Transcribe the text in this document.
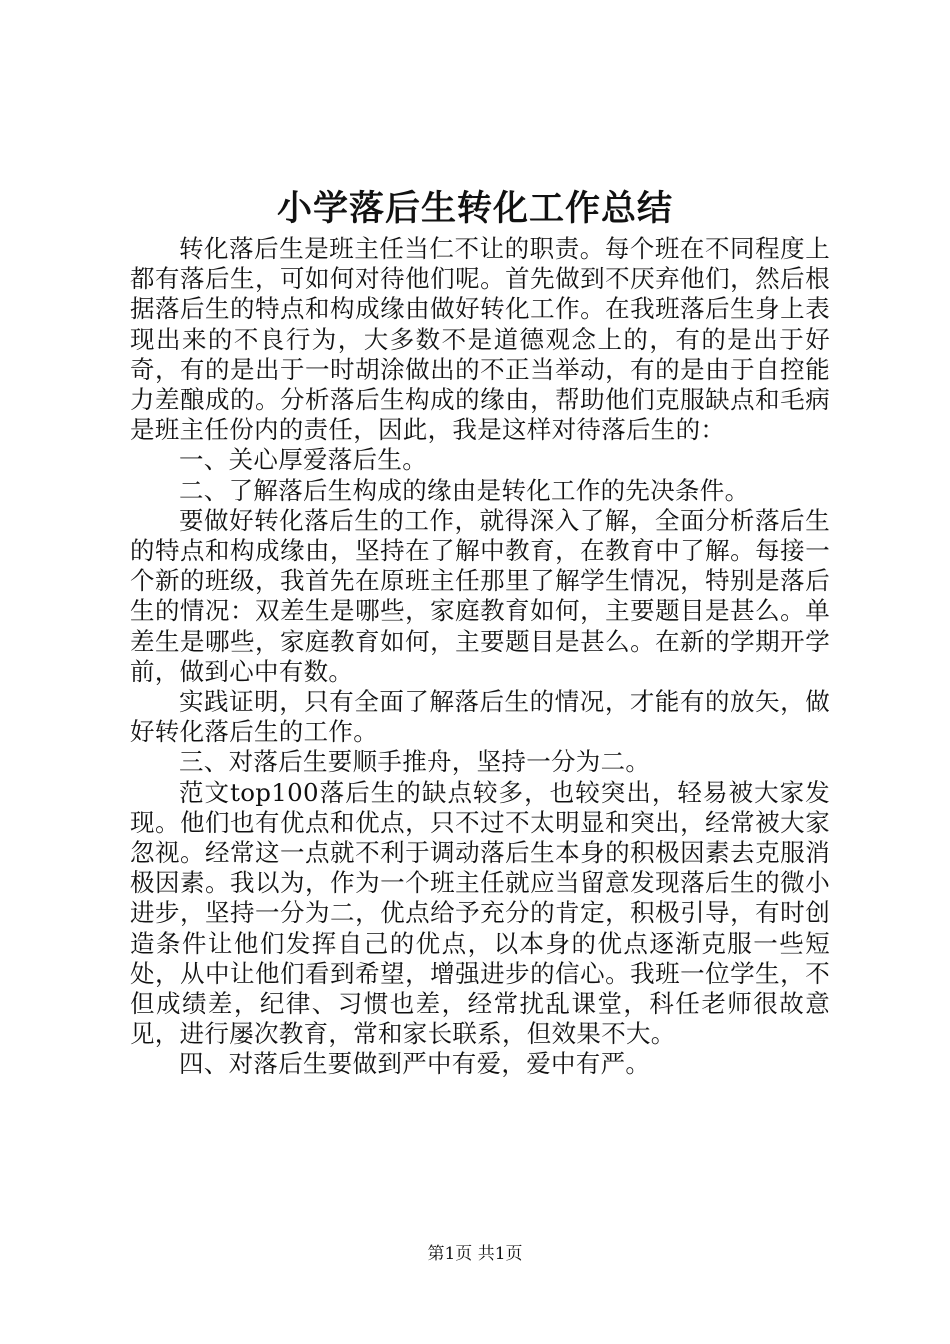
小学落后生转化工作总结

转化落后生是班主任当仁不让的职责。每个班在不同程度上都有落后生，可如何对待他们呢。首先做到不厌弃他们，然后根据落后生的特点和构成缘由做好转化工作。在我班落后生身上表现出来的不良行为，大多数不是道德观念上的，有的是出于好奇，有的是出于一时胡涂做出的不正当举动，有的是由于自控能力差酿成的。分析落后生构成的缘由，帮助他们克服缺点和毛病是班主任份内的责任，因此，我是这样对待落后生的：

一、关心厚爱落后生。

二、了解落后生构成的缘由是转化工作的先决条件。

要做好转化落后生的工作，就得深入了解，全面分析落后生的特点和构成缘由，坚持在了解中教育，在教育中了解。每接一个新的班级，我首先在原班主任那里了解学生情况，特别是落后生的情况：双差生是哪些，家庭教育如何，主要题目是甚么。单差生是哪些，家庭教育如何，主要题目是甚么。在新的学期开学前，做到心中有数。

实践证明，只有全面了解落后生的情况，才能有的放矢，做好转化落后生的工作。

三、对落后生要顺手推舟，坚持一分为二。

范文top100落后生的缺点较多，也较突出，轻易被大家发现。他们也有优点和优点，只不过不太明显和突出，经常被大家忽视。经常这一点就不利于调动落后生本身的积极因素去克服消极因素。我以为，作为一个班主任就应当留意发现落后生的微小进步，坚持一分为二，优点给予充分的肯定，积极引导，有时创造条件让他们发挥自己的优点，以本身的优点逐渐克服一些短处，从中让他们看到希望，增强进步的信心。我班一位学生，不但成绩差，纪律、习惯也差，经常扰乱课堂，科任老师很故意见，进行屡次教育，常和家长联系，但效果不大。

四、对落后生要做到严中有爱，爱中有严。

第1页 共1页
